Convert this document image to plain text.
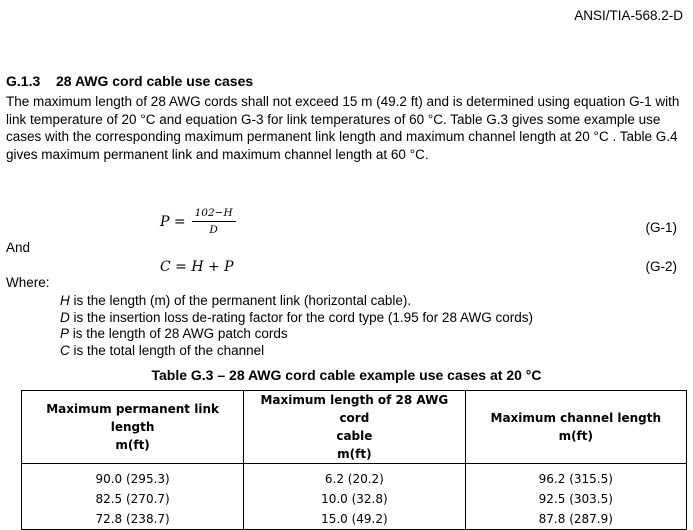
ANSI/TIA-568.2-D
G.1.3 28 AWG cord cable use cases
The maximum length of 28 AWG cords shall not exceed 15 m (49.2 ft) and is determined using equation G-1 with link temperature of 20 °C and equation G-3 for link temperatures of 60 °C. Table G.3 gives some example use cases with the corresponding maximum permanent link length and maximum channel length at 20 °C . Table G.4 gives maximum permanent link and maximum channel length at 60 °C.
$P = \frac{102-H}{D}$	(G-1)
And
C = H + P	(G-2)
Where:
H is the length (m) of the permanent link (horizontal cable).
D is the insertion loss de-rating factor for the cord type (1.95 for 28 AWG cords)
P is the length of 28 AWG patch cords
C is the total length of the channel
Table G.3 – 28 AWG cord cable example use cases at 20 °C
Maximum permanent link length
m(ft)	Maximum length of 28 AWG cord
cable
m(ft)	Maximum channel length
m(ft)
90.0 (295.3)	6.2 (20.2)	96.2 (315.5)
82.5 (270.7)	10.0 (32.8)	92.5 (303.5)
72.8 (238.7)	15.0 (49.2)	87.8 (287.9)
